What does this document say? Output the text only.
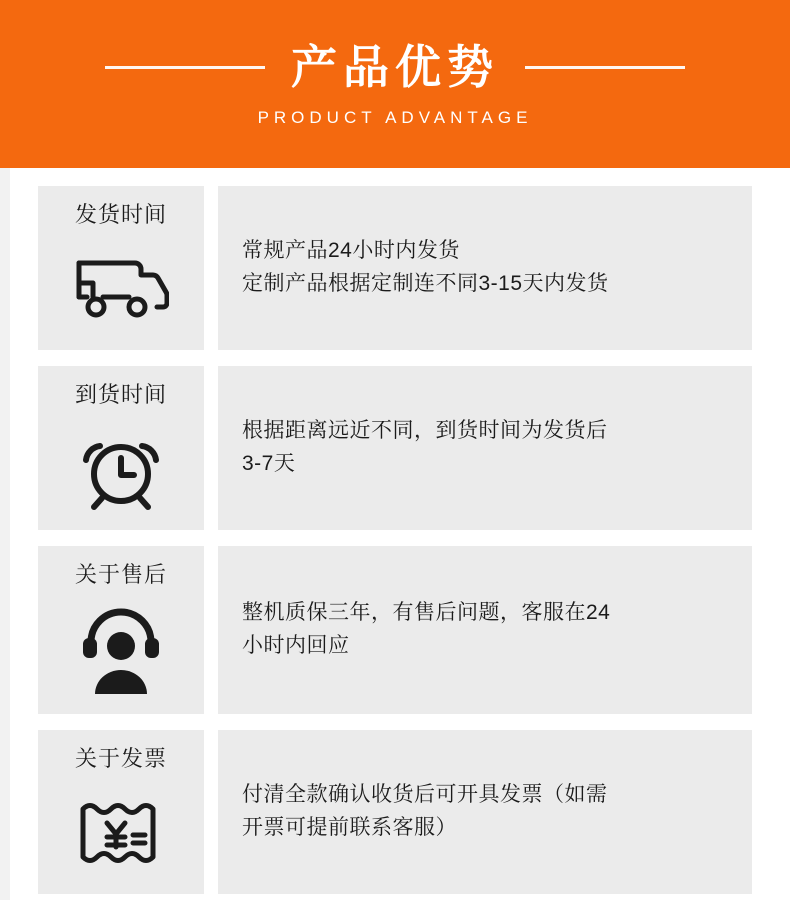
产品优势
PRODUCT ADVANTAGE
发货时间

常规产品24小时内发货
定制产品根据定制连不同3-15天内发货

到货时间

根据距离远近不同，到货时间为发货后
3-7天

关于售后

整机质保三年，有售后问题，客服在24
小时内回应

关于发票

付清全款确认收货后可开具发票（如需
开票可提前联系客服）
